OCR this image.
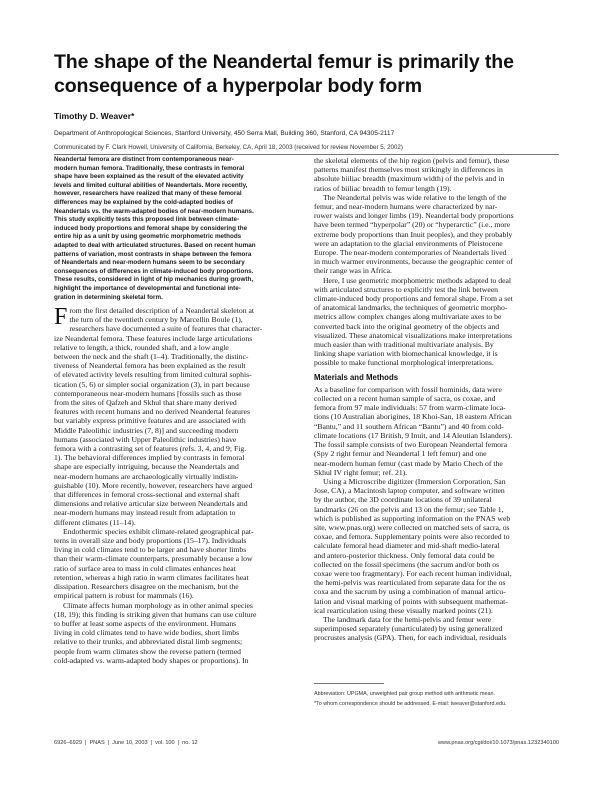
The shape of the Neandertal femur is primarily the
consequence of a hyperpolar body form
Timothy D. Weaver*
Department of Anthropological Sciences, Stanford University, 450 Serra Mall, Building 360, Stanford, CA 94305-2117
Communicated by F. Clark Howell, University of California, Berkeley, CA, April 18, 2003 (received for review November 5, 2002)

Neandertal femora are distinct from contemporaneous near-
modern human femora. Traditionally, these contrasts in femoral
shape have been explained as the result of the elevated activity
levels and limited cultural abilities of Neandertals. More recently,
however, researchers have realized that many of these femoral
differences may be explained by the cold-adapted bodies of
Neandertals vs. the warm-adapted bodies of near-modern humans.
This study explicitly tests this proposed link between climate-
induced body proportions and femoral shape by considering the
entire hip as a unit by using geometric morphometric methods
adapted to deal with articulated structures. Based on recent human
patterns of variation, most contrasts in shape between the femora
of Neandertals and near-modern humans seem to be secondary
consequences of differences in climate-induced body proportions.
These results, considered in light of hip mechanics during growth,
highlight the importance of developmental and functional inte-
gration in determining skeletal form.

F rom the first detailed description of a Neandertal skeleton at
the turn of the twentieth century by Marcellin Boule (1),
researchers have documented a suite of features that character-
ize Neandertal femora. These features include large articulations
relative to length, a thick, rounded shaft, and a low angle
between the neck and the shaft (1–4). Traditionally, the distinc-
tiveness of Neandertal femora has been explained as the result
of elevated activity levels resulting from limited cultural sophis-
tication (5, 6) or simpler social organization (3), in part because
contemporaneous near-modern humans [fossils such as those
from the sites of Qafzeh and Skhul that share many derived
features with recent humans and no derived Neandertal features
but variably express primitive features and are associated with
Middle Paleolithic industries (7, 8)] and succeeding modern
humans (associated with Upper Paleolithic industries) have
femora with a contrasting set of features (refs. 3, 4, and 9; Fig.
1). The behavioral differences implied by contrasts in femoral
shape are especially intriguing, because the Neandertals and
near-modern humans are archaeologically virtually indistin-
guishable (10). More recently, however, researchers have argued
that differences in femoral cross-sectional and external shaft
dimensions and relative articular size between Neandertals and
near-modern humans may instead result from adaptation to
different climates (11–14).
Endothermic species exhibit climate-related geographical pat-
terns in overall size and body proportions (15–17). Individuals
living in cold climates tend to be larger and have shorter limbs
than their warm-climate counterparts, presumably because a low
ratio of surface area to mass in cold climates enhances heat
retention, whereas a high ratio in warm climates facilitates heat
dissipation. Researchers disagree on the mechanism, but the
empirical pattern is robust for mammals (16).
Climate affects human morphology as in other animal species
(18, 19); this finding is striking given that humans can use culture
to buffer at least some aspects of the environment. Humans
living in cold climates tend to have wide bodies, short limbs
relative to their trunks, and abbreviated distal limb segments;
people from warm climates show the reverse pattern (termed
cold-adapted vs. warm-adapted body shapes or proportions). In
the skeletal elements of the hip region (pelvis and femur), these
patterns manifest themselves most strikingly in differences in
absolute biiliac breadth (maximum width) of the pelvis and in
ratios of biiliac breadth to femur length (19).
The Neandertal pelvis was wide relative to the length of the
femur, and near-modern humans were characterized by nar-
rower waists and longer limbs (19). Neandertal body proportions
have been termed “hyperpolar” (20) or “hyperarctic” (i.e., more
extreme body proportions than Inuit peoples), and they probably
were an adaptation to the glacial environments of Pleistocene
Europe. The near-modern contemporaries of Neandertals lived
in much warmer environments, because the geographic center of
their range was in Africa.
Here, I use geometric morphometric methods adapted to deal
with articulated structures to explicitly test the link between
climate-induced body proportions and femoral shape. From a set
of anatomical landmarks, the techniques of geometric morpho-
metrics allow complex changes along multivariate axes to be
converted back into the original geometry of the objects and
visualized. These anatomical visualizations make interpretations
much easier than with traditional multivariate analysis. By
linking shape variation with biomechanical knowledge, it is
possible to make functional morphological interpretations.
Materials and Methods
As a baseline for comparison with fossil hominids, data were
collected on a recent human sample of sacra, os coxae, and
femora from 97 male individuals: 57 from warm-climate loca-
tions (10 Australian aborigines, 18 Khoi-San, 18 eastern African
“Bantu,” and 11 southern African “Bantu”) and 40 from cold-
climate locations (17 British, 9 Inuit, and 14 Aleutian Islanders).
The fossil sample consists of two European Neandertal femora
(Spy 2 right femur and Neandertal 1 left femur) and one
near-modern human femur (cast made by Mario Chech of the
Skhul IV right femur; ref. 21).
Using a Microscribe digitizer (Immersion Corporation, San
Jose, CA), a Macintosh laptop computer, and software written
by the author, the 3D coordinate locations of 39 unilateral
landmarks (26 on the pelvis and 13 on the femur; see Table 1,
which is published as supporting information on the PNAS web
site, www.pnas.org) were collected on matched sets of sacra, os
coxae, and femora. Supplementary points were also recorded to
calculate femoral head diameter and mid-shaft medio-lateral
and antero-posterior thickness. Only femoral data could be
collected on the fossil specimens (the sacrum and/or both os
coxae were too fragmentary). For each recent human individual,
the hemi-pelvis was rearticulated from separate data for the os
coxa and the sacrum by using a combination of manual articu-
lation and visual marking of points with subsequent mathemat-
ical rearticulation using these visually marked points (21).
The landmark data for the hemi-pelvis and femur were
superimposed separately (unarticulated) by using generalized
procrustes analysis (GPA). Then, for each individual, residuals
Abbreviation: UPGMA, unweighted pair group method with arithmetic mean.
*To whom correspondence should be addressed. E-mail: tweaver@stanford.edu.
6926–6929 | PNAS | June 10, 2003 | vol. 100 | no. 12	www.pnas.org/cgi/doi/10.1073/pnas.1232340100
